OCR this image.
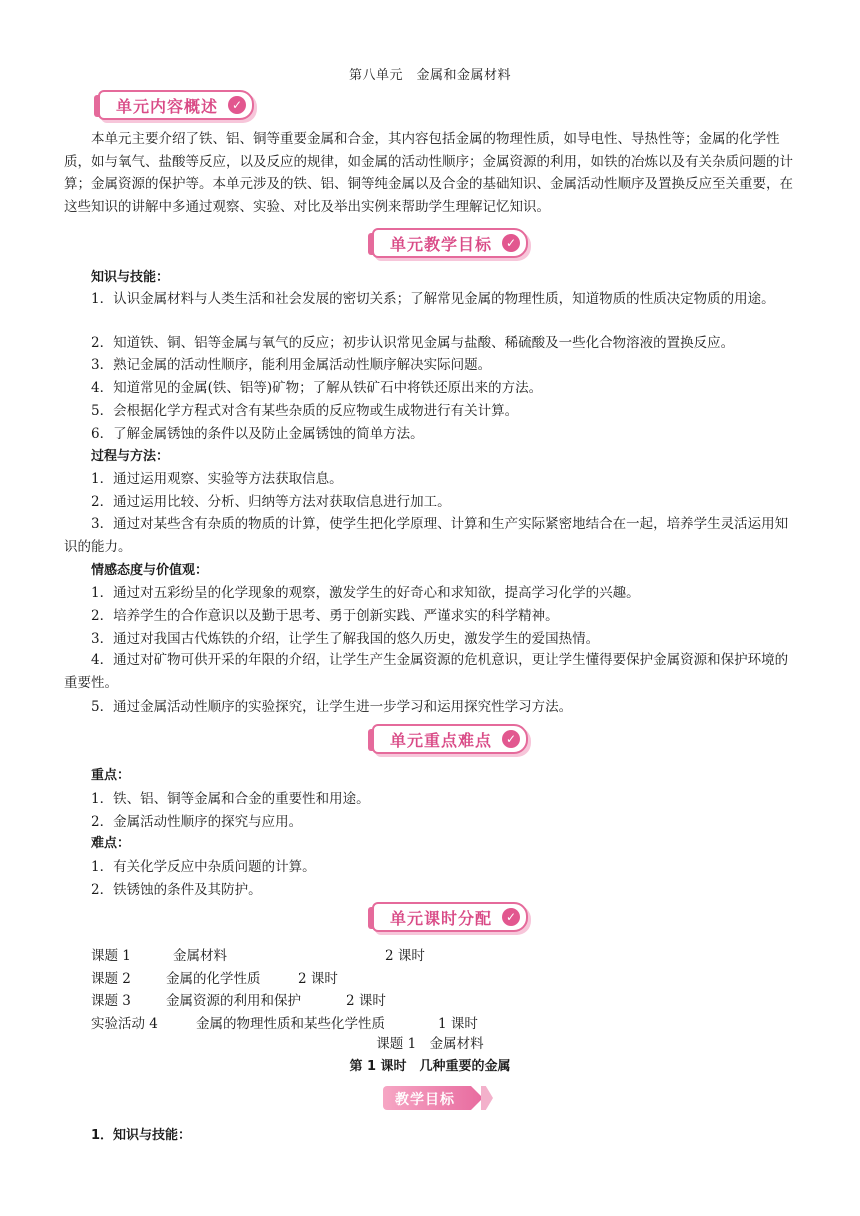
第八单元　金属和金属材料
单元内容概述	✓

本单元主要介绍了铁、铝、铜等重要金属和合金，其内容包括金属的物理性质，如导电性、导热性等；金属的化学性质，如与氧气、盐酸等反应，以及反应的规律，如金属的活动性顺序；金属资源的利用，如铁的冶炼以及有关杂质问题的计算；金属资源的保护等。本单元涉及的铁、铝、铜等纯金属以及合金的基础知识、金属活动性顺序及置换反应至关重要，在这些知识的讲解中多通过观察、实验、对比及举出实例来帮助学生理解记忆知识。

单元教学目标	✓
知识与技能：

1．认识金属材料与人类生活和社会发展的密切关系；了解常见金属的物理性质，知道物质的性质决定物质的用途。

2．知道铁、铜、铝等金属与氧气的反应；初步认识常见金属与盐酸、稀硫酸及一些化合物溶液的置换反应。
3．熟记金属的活动性顺序，能利用金属活动性顺序解决实际问题。
4．知道常见的金属(铁、铝等)矿物；了解从铁矿石中将铁还原出来的方法。
5．会根据化学方程式对含有某些杂质的反应物或生成物进行有关计算。
6．了解金属锈蚀的条件以及防止金属锈蚀的简单方法。
过程与方法：
1．通过运用观察、实验等方法获取信息。
2．通过运用比较、分析、归纳等方法对获取信息进行加工。

3．通过对某些含有杂质的物质的计算，使学生把化学原理、计算和生产实际紧密地结合在一起，培养学生灵活运用知识的能力。

情感态度与价值观：
1．通过对五彩纷呈的化学现象的观察，激发学生的好奇心和求知欲，提高学习化学的兴趣。
2．培养学生的合作意识以及勤于思考、勇于创新实践、严谨求实的科学精神。
3．通过对我国古代炼铁的介绍，让学生了解我国的悠久历史，激发学生的爱国热情。

4．通过对矿物可供开采的年限的介绍，让学生产生金属资源的危机意识，更让学生懂得要保护金属资源和保护环境的重要性。

5．通过金属活动性顺序的实验探究，让学生进一步学习和运用探究性学习方法。
单元重点难点	✓
重点：
1．铁、铝、铜等金属和合金的重要性和用途。
2．金属活动性顺序的探究与应用。
难点：
1．有关化学反应中杂质问题的计算。
2．铁锈蚀的条件及其防护。
单元课时分配	✓
课题 1	金属材料	2 课时
课题 2	金属的化学性质	2 课时
课题 3	金属资源的利用和保护	2 课时
实验活动 4	金属的物理性质和某些化学性质	1 课时
课题 1　金属材料
第 1 课时　几种重要的金属
教学目标
1．知识与技能：
